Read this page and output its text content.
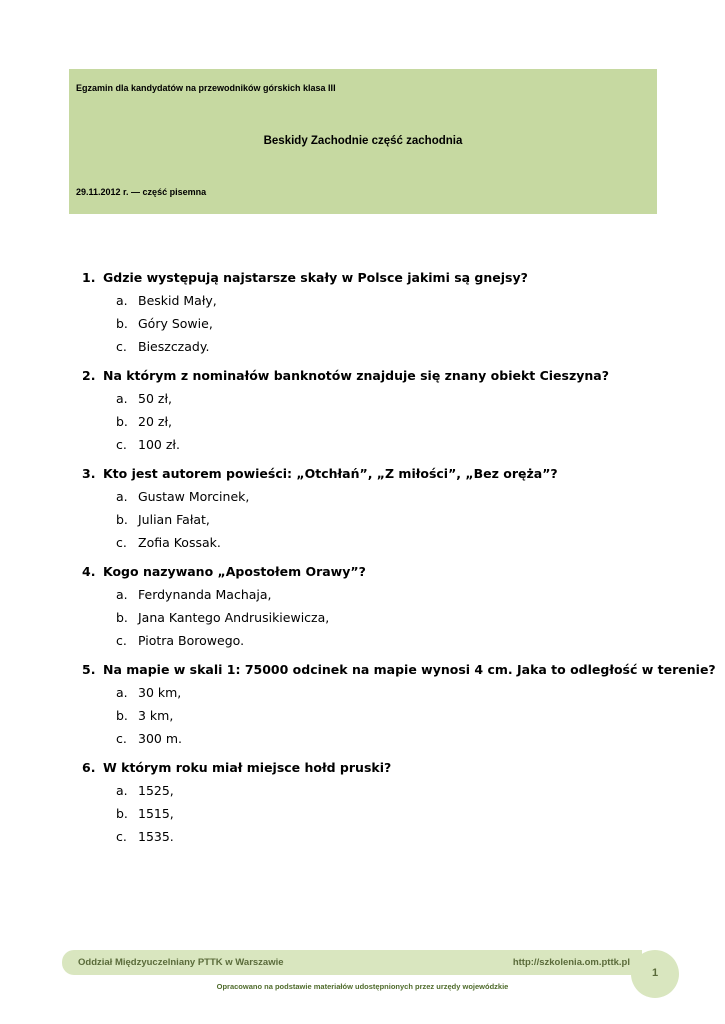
Egzamin dla kandydatów na przewodników górskich klasa III
Beskidy Zachodnie część zachodnia
29.11.2012 r. — część pisemna
1. Gdzie występują najstarsze skały w Polsce jakimi są gnejsy?
a. Beskid Mały,
b. Góry Sowie,
c. Bieszczady.
2. Na którym z nominałów banknotów znajduje się znany obiekt Cieszyna?
a. 50 zł,
b. 20 zł,
c. 100 zł.
3. Kto jest autorem powieści: „Otchłań”, „Z miłości”, „Bez oręża”?
a. Gustaw Morcinek,
b. Julian Fałat,
c. Zofia Kossak.
4. Kogo nazywano „Apostołem Orawy”?
a. Ferdynanda Machaja,
b. Jana Kantego Andrusikiewicza,
c. Piotra Borowego.
5. Na mapie w skali 1: 75000 odcinek na mapie wynosi 4 cm. Jaka to odległość w terenie?
a. 30 km,
b. 3 km,
c. 300 m.
6. W którym roku miał miejsce hołd pruski?
a. 1525,
b. 1515,
c. 1535.
Oddział Międzyuczelniany PTTK w Warszawie	http://szkolenia.om.pttk.pl
1
Opracowano na podstawie materiałów udostępnionych przez urzędy wojewódzkie
